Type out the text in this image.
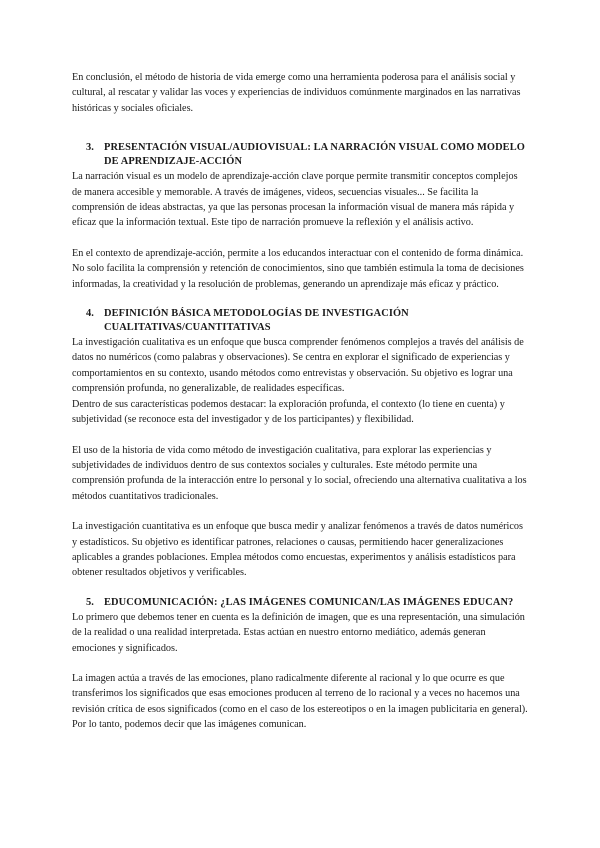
En conclusión, el método de historia de vida emerge como una herramienta poderosa para el análisis social y cultural, al rescatar y validar las voces y experiencias de individuos comúnmente marginados en las narrativas históricas y sociales oficiales.

3. PRESENTACIÓN VISUAL/AUDIOVISUAL: LA NARRACIÓN VISUAL COMO MODELO DE APRENDIZAJE-ACCIÓN

La narración visual es un modelo de aprendizaje-acción clave porque permite transmitir conceptos complejos de manera accesible y memorable. A través de imágenes, videos, secuencias visuales... Se facilita la comprensión de ideas abstractas, ya que las personas procesan la información visual de manera más rápida y eficaz que la información textual. Este tipo de narración promueve la reflexión y el análisis activo.

En el contexto de aprendizaje-acción, permite a los educandos interactuar con el contenido de forma dinámica. No solo facilita la comprensión y retención de conocimientos, sino que también estimula la toma de decisiones informadas, la creatividad y la resolución de problemas, generando un aprendizaje más eficaz y práctico.

4. DEFINICIÓN BÁSICA METODOLOGÍAS DE INVESTIGACIÓN CUALITATIVAS/CUANTITATIVAS

La investigación cualitativa es un enfoque que busca comprender fenómenos complejos a través del análisis de datos no numéricos (como palabras y observaciones). Se centra en explorar el significado de experiencias y comportamientos en su contexto, usando métodos como entrevistas y observación. Su objetivo es lograr una comprensión profunda, no generalizable, de realidades específicas.

Dentro de sus características podemos destacar: la exploración profunda, el contexto (lo tiene en cuenta) y subjetividad (se reconoce esta del investigador y de los participantes) y flexibilidad.

El uso de la historia de vida como método de investigación cualitativa, para explorar las experiencias y subjetividades de individuos dentro de sus contextos sociales y culturales. Este método permite una comprensión profunda de la interacción entre lo personal y lo social, ofreciendo una alternativa cualitativa a los métodos cuantitativos tradicionales.

La investigación cuantitativa es un enfoque que busca medir y analizar fenómenos a través de datos numéricos y estadísticos. Su objetivo es identificar patrones, relaciones o causas, permitiendo hacer generalizaciones aplicables a grandes poblaciones. Emplea métodos como encuestas, experimentos y análisis estadísticos para obtener resultados objetivos y verificables.

5. EDUCOMUNICACIÓN: ¿LAS IMÁGENES COMUNICAN/LAS IMÁGENES EDUCAN?

Lo primero que debemos tener en cuenta es la definición de imagen, que es una representación, una simulación de la realidad o una realidad interpretada. Estas actúan en nuestro entorno mediático, además generan emociones y significados.

La imagen actúa a través de las emociones, plano radicalmente diferente al racional y lo que ocurre es que transferimos los significados que esas emociones producen al terreno de lo racional y a veces no hacemos una revisión crítica de esos significados (como en el caso de los estereotipos o en la imagen publicitaria en general). Por lo tanto, podemos decir que las imágenes comunican.
